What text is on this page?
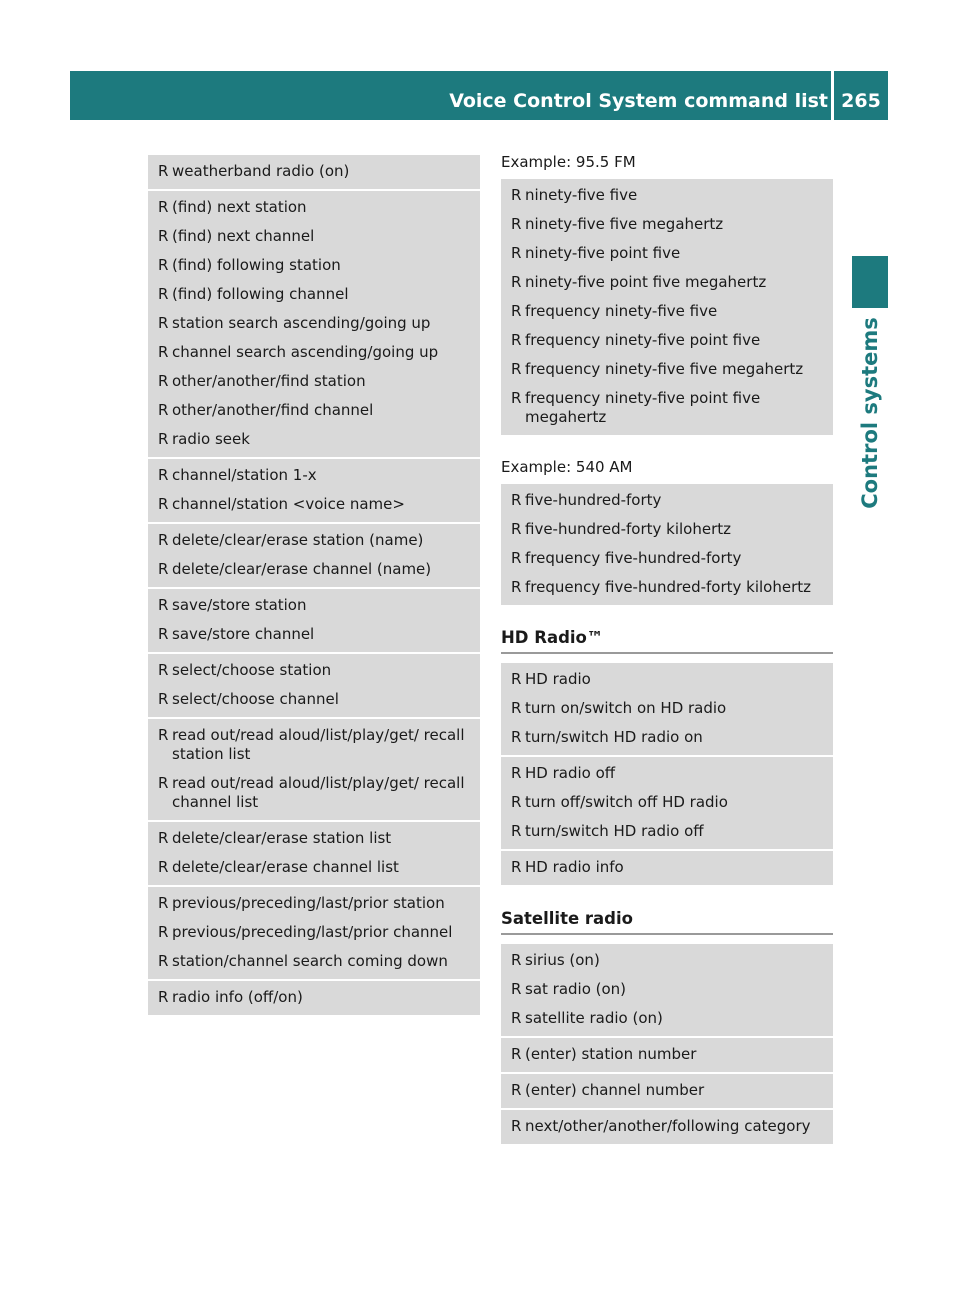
Voice Control System command list 265
Control systems
R weatherband radio (on)
R (find) next station
R (find) next channel
R (find) following station
R (find) following channel
R station search ascending/going up
R channel search ascending/going up
R other/another/find station
R other/another/find channel
R radio seek
R channel/station 1-x
R channel/station <voice name>
R delete/clear/erase station (name)
R delete/clear/erase channel (name)
R save/store station
R save/store channel
R select/choose station
R select/choose channel
R read out/read aloud/list/play/get/ recall station list
R read out/read aloud/list/play/get/ recall channel list
R delete/clear/erase station list
R delete/clear/erase channel list
R previous/preceding/last/prior station
R previous/preceding/last/prior channel
R station/channel search coming down
R radio info (off/on)
Example: 95.5 FM
R ninety-five five
R ninety-five five megahertz
R ninety-five point five
R ninety-five point five megahertz
R frequency ninety-five five
R frequency ninety-five point five
R frequency ninety-five five megahertz
R frequency ninety-five point five megahertz
Example: 540 AM
R five-hundred-forty
R five-hundred-forty kilohertz
R frequency five-hundred-forty
R frequency five-hundred-forty kilohertz
HD Radio™
R HD radio
R turn on/switch on HD radio
R turn/switch HD radio on
R HD radio off
R turn off/switch off HD radio
R turn/switch HD radio off
R HD radio info
Satellite radio
R sirius (on)
R sat radio (on)
R satellite radio (on)
R (enter) station number
R (enter) channel number
R next/other/another/following category
